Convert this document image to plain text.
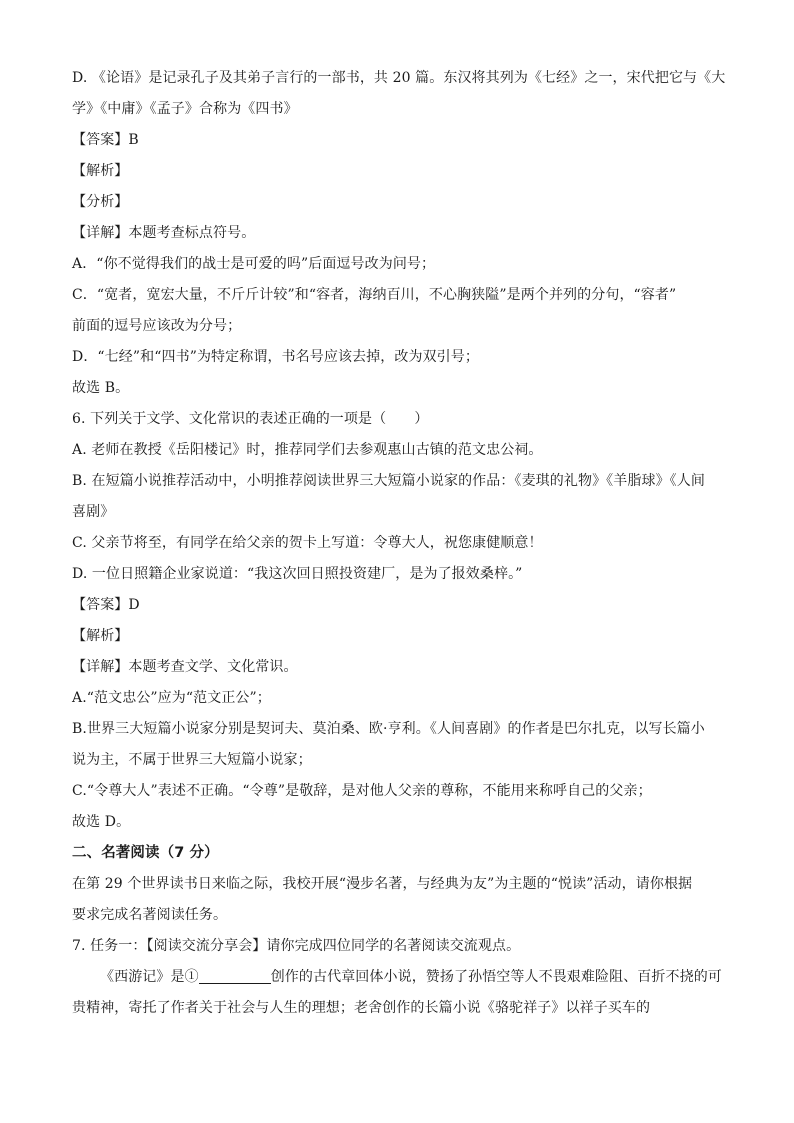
D. 《论语》是记录孔子及其弟子言行的一部书，共 20 篇。东汉将其列为《七经》之一，宋代把它与《大
学》《中庸》《孟子》合称为《四书》
【答案】B
【解析】
【分析】
【详解】本题考查标点符号。
A．“你不觉得我们的战士是可爱的吗”后面逗号改为问号；
C．“宽者，宽宏大量，不斤斤计较”和“容者，海纳百川，不心胸狭隘”是两个并列的分句，“容者”
前面的逗号应该改为分号；
D．“七经”和“四书”为特定称谓，书名号应该去掉，改为双引号；
故选 B。
6. 下列关于文学、文化常识的表述正确的一项是（　　）
A. 老师在教授《岳阳楼记》时，推荐同学们去参观惠山古镇的范文忠公祠。
B. 在短篇小说推荐活动中，小明推荐阅读世界三大短篇小说家的作品：《麦琪的礼物》《羊脂球》《人间
喜剧》
C. 父亲节将至，有同学在给父亲的贺卡上写道：令尊大人，祝您康健顺意！
D. 一位日照籍企业家说道：“我这次回日照投资建厂，是为了报效桑梓。”
【答案】D
【解析】
【详解】本题考查文学、文化常识。
A.“范文忠公”应为“范文正公”；
B.世界三大短篇小说家分别是契诃夫、莫泊桑、欧·亨利。《人间喜剧》的作者是巴尔扎克，以写长篇小
说为主，不属于世界三大短篇小说家；
C.“令尊大人”表述不正确。“令尊”是敬辞，是对他人父亲的尊称，不能用来称呼自己的父亲；
故选 D。
二、名著阅读（7 分）
在第 29 个世界读书日来临之际，我校开展“漫步名著，与经典为友”为主题的“悦读”活动，请你根据
要求完成名著阅读任务。
7. 任务一：【阅读交流分享会】请你完成四位同学的名著阅读交流观点。
《西游记》是①	创作的古代章回体小说，赞扬了孙悟空等人不畏艰难险阻、百折不挠的可
贵精神，寄托了作者关于社会与人生的理想；老舍创作的长篇小说《骆驼祥子》以祥子买车的
